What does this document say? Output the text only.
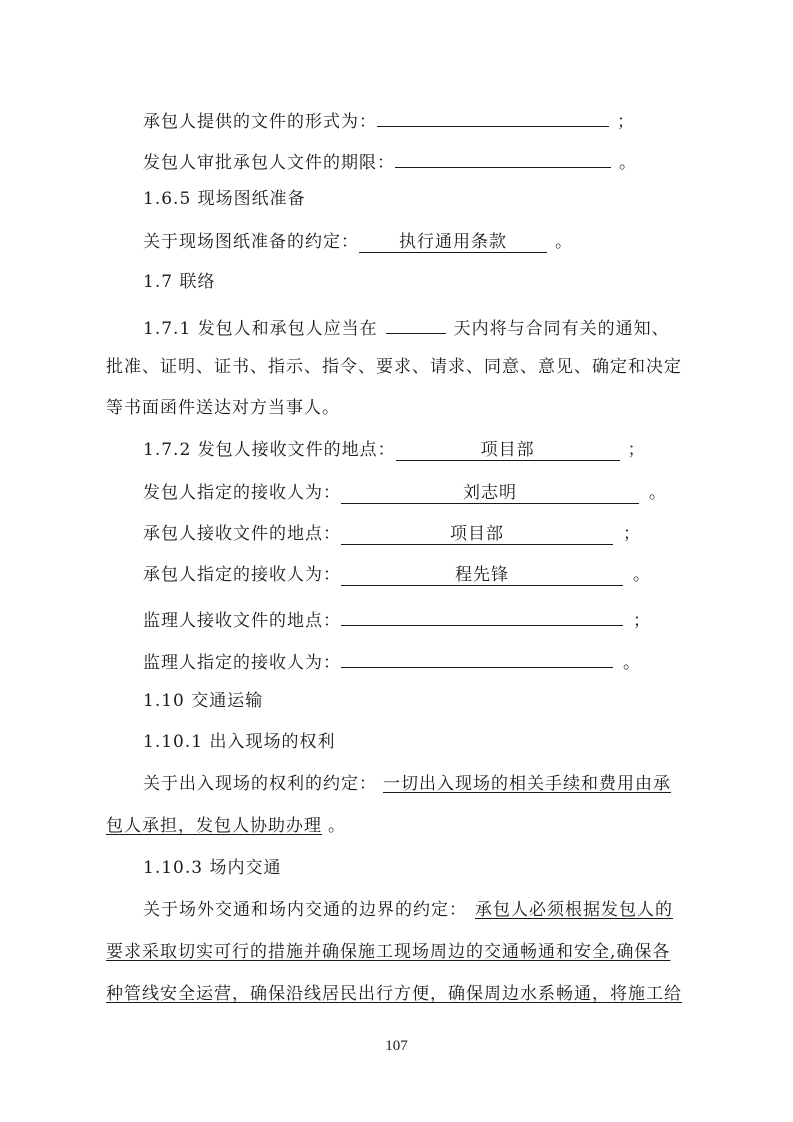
承包人提供的文件的形式为：	；
发包人审批承包人文件的期限：	。
1.6.5 现场图纸准备
关于现场图纸准备的约定： 执行通用条款	。
1.7 联络
1.7.1 发包人和承包人应当在	天内将与合同有关的通知、
批准、证明、证书、指示、指令、要求、请求、同意、意见、确定和决定
等书面函件送达对方当事人。
1.7.2 发包人接收文件的地点：	项目部	；
发包人指定的接收人为：	刘志明	。
承包人接收文件的地点：	项目部	；
承包人指定的接收人为：	程先锋	。
监理人接收文件的地点：	；
监理人指定的接收人为：	。
1.10 交通运输
1.10.1 出入现场的权利
关于出入现场的权利的约定： 一切出入现场的相关手续和费用由承
包人承担，发包人协助办理 。
1.10.3 场内交通
关于场外交通和场内交通的边界的约定： 承包人必须根据发包人的
要求采取切实可行的措施并确保施工现场周边的交通畅通和安全,确保各
种管线安全运营，确保沿线居民出行方便，确保周边水系畅通，将施工给
107
